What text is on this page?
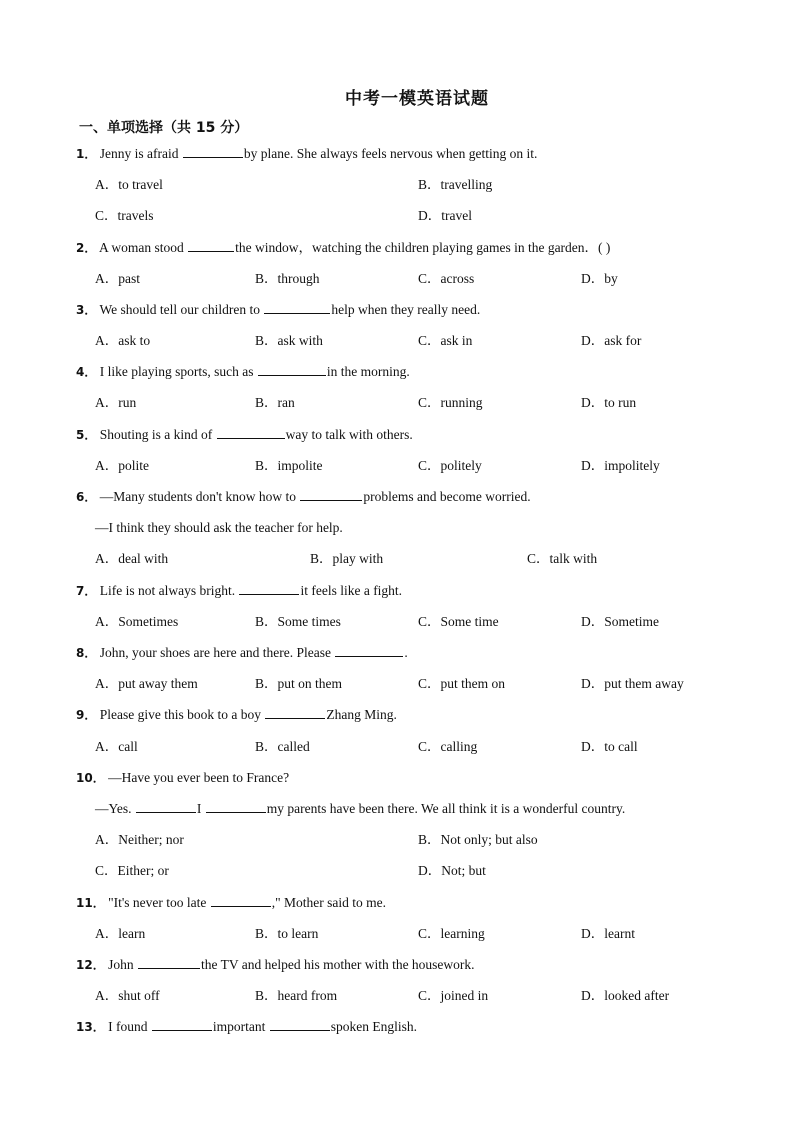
中考一模英语试题
一、单项选择（共 15 分）
1． Jenny is afraid	by plane. She always feels nervous when getting on it.
A．to travel	B．travelling
C．travels	D．travel
2． A woman stood	the window，watching the children playing games in the garden．( )
A．past	B．through	C．across	D．by
3． We should tell our children to	help when they really need.
A．ask to	B．ask with	C．ask in	D．ask for
4． I like playing sports, such as	in the morning.
A．run	B．ran	C．running	D．to run
5． Shouting is a kind of	way to talk with others.
A．polite	B．impolite	C．politely	D．impolitely
6． —Many students don't know how to	problems and become worried.
—I think they should ask the teacher for help.
A．deal with	B．play with	C．talk with
7． Life is not always bright.	it feels like a fight.
A．Sometimes	B．Some times	C．Some time	D．Sometime
8． John, your shoes are here and there. Please	.
A．put away them	B．put on them	C．put them on	D．put them away
9． Please give this book to a boy	Zhang Ming.
A．call	B．called	C．calling	D．to call
10． —Have you ever been to France?
—Yes.	I	my parents have been there. We all think it is a wonderful country.
A．Neither; nor	B．Not only; but also
C．Either; or	D．Not; but
11． "It's never too late	," Mother said to me.
A．learn	B．to learn	C．learning	D．learnt
12． John	the TV and helped his mother with the housework.
A．shut off	B．heard from	C．joined in	D．looked after
13． I found	important	spoken English.
